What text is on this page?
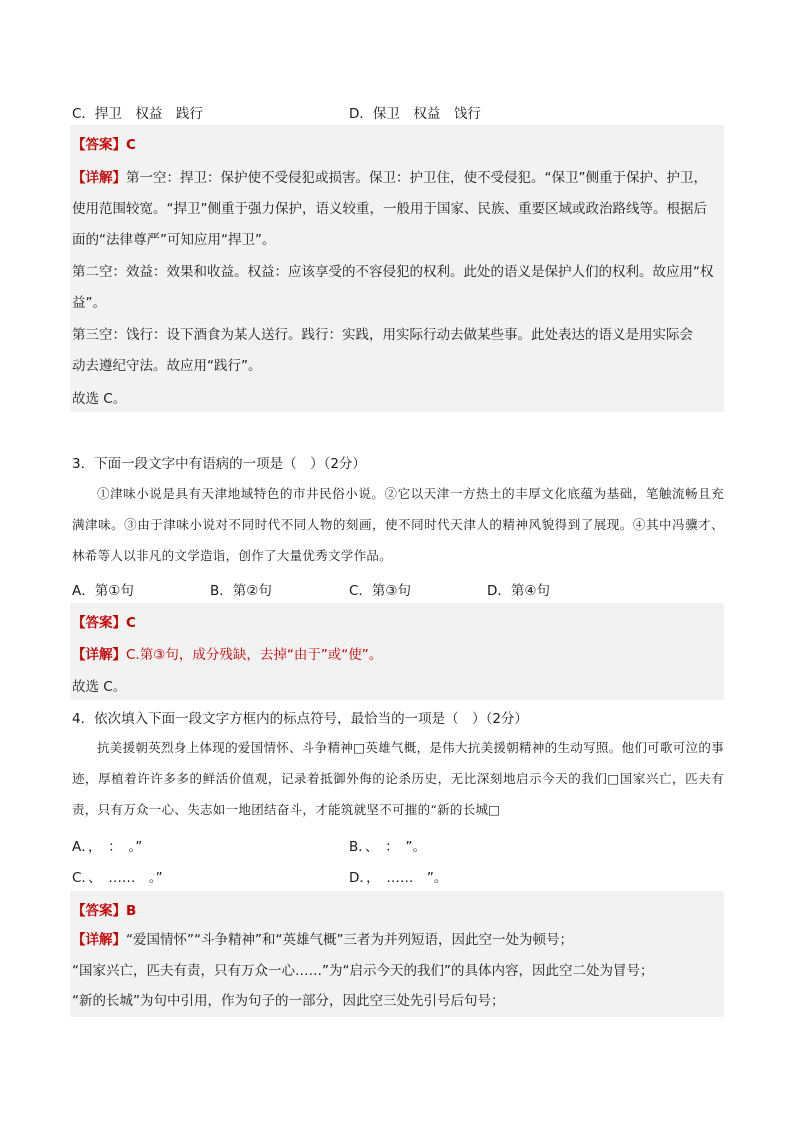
C．捍卫　权益　践行	D．保卫　权益　饯行
【答案】C
【详解】第一空：捍卫：保护使不受侵犯或损害。保卫：护卫住，使不受侵犯。“保卫”侧重于保护、护卫，
使用范围较宽。“捍卫”侧重于强力保护，语义较重，一般用于国家、民族、重要区域或政治路线等。根据后
面的“法律尊严”可知应用“捍卫”。
第二空：效益：效果和收益。权益：应该享受的不容侵犯的权利。此处的语义是保护人们的权利。故应用“权
益”。
第三空：饯行：设下酒食为某人送行。践行：实践，用实际行动去做某些事。此处表达的语义是用实际会
动去遵纪守法。故应用“践行”。
故选 C。
3．下面一段文字中有语病的一项是（　）（2分）
①津味小说是具有天津地域特色的市井民俗小说。②它以天津一方热土的丰厚文化底蕴为基础，笔触流畅且充满津味。③由于津味小说对不同时代不同人物的刻画，使不同时代天津人的精神风貌得到了展现。④其中冯骥才、林希等人以非凡的文学造诣，创作了大量优秀文学作品。
A．第①句	B．第②句	C．第③句	D．第④句
【答案】C
【详解】C.第③句，成分残缺，去掉“由于”或“使”。
故选 C。
4．依次填入下面一段文字方框内的标点符号，最恰当的一项是（　）（2分）
抗美援朝英烈身上体现的爱国情怀、斗争精神□英雄气概，是伟大抗美援朝精神的生动写照。他们可歌可泣的事迹，厚植着许许多多的鲜活价值观，记录着抵御外侮的论杀历史，无比深刻地启示今天的我们□国家兴亡，匹夫有责，只有万众一心、失志如一地团结奋斗，才能筑就坚不可摧的“新的长城□
A．，　：　。”	B．、　：　”。
C．、　……　。”	D．，　……　”。
【答案】B
【详解】“爱国情怀”“斗争精神”和“英雄气概”三者为并列短语，因此空一处为顿号；
“国家兴亡，匹夫有责，只有万众一心……”为“启示今天的我们”的具体内容，因此空二处为冒号；
“新的长城”为句中引用，作为句子的一部分，因此空三处先引号后句号；
